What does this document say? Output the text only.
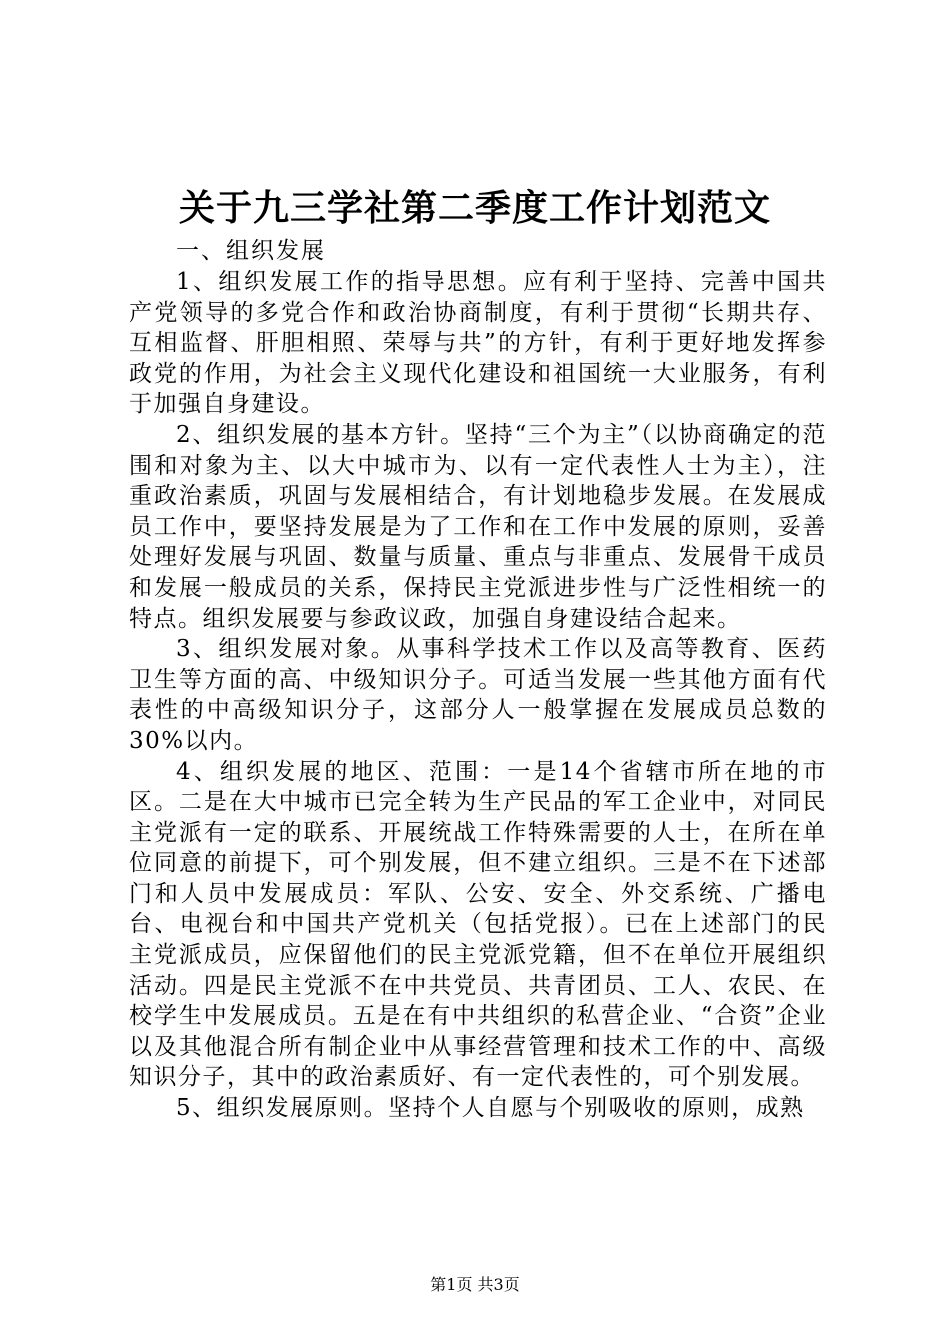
关于九三学社第二季度工作计划范文

一、组织发展

1、组织发展工作的指导思想。应有利于坚持、完善中国共产党领导的多党合作和政治协商制度，有利于贯彻“长期共存、互相监督、肝胆相照、荣辱与共”的方针，有利于更好地发挥参政党的作用，为社会主义现代化建设和祖国统一大业服务，有利于加强自身建设。

2、组织发展的基本方针。坚持“三个为主”（以协商确定的范围和对象为主、以大中城市为、以有一定代表性人士为主），注重政治素质，巩固与发展相结合，有计划地稳步发展。在发展成员工作中，要坚持发展是为了工作和在工作中发展的原则，妥善处理好发展与巩固、数量与质量、重点与非重点、发展骨干成员和发展一般成员的关系，保持民主党派进步性与广泛性相统一的特点。组织发展要与参政议政，加强自身建设结合起来。

3、组织发展对象。从事科学技术工作以及高等教育、医药卫生等方面的高、中级知识分子。可适当发展一些其他方面有代表性的中高级知识分子，这部分人一般掌握在发展成员总数的30%以内。

4、组织发展的地区、范围：一是14个省辖市所在地的市区。二是在大中城市已完全转为生产民品的军工企业中，对同民主党派有一定的联系、开展统战工作特殊需要的人士，在所在单位同意的前提下，可个别发展，但不建立组织。三是不在下述部门和人员中发展成员：军队、公安、安全、外交系统、广播电台、电视台和中国共产党机关（包括党报）。已在上述部门的民主党派成员，应保留他们的民主党派党籍，但不在单位开展组织活动。四是民主党派不在中共党员、共青团员、工人、农民、在校学生中发展成员。五是在有中共组织的私营企业、“合资”企业以及其他混合所有制企业中从事经营管理和技术工作的中、高级知识分子，其中的政治素质好、有一定代表性的，可个别发展。

5、组织发展原则。坚持个人自愿与个别吸收的原则，成熟

第1页 共3页
